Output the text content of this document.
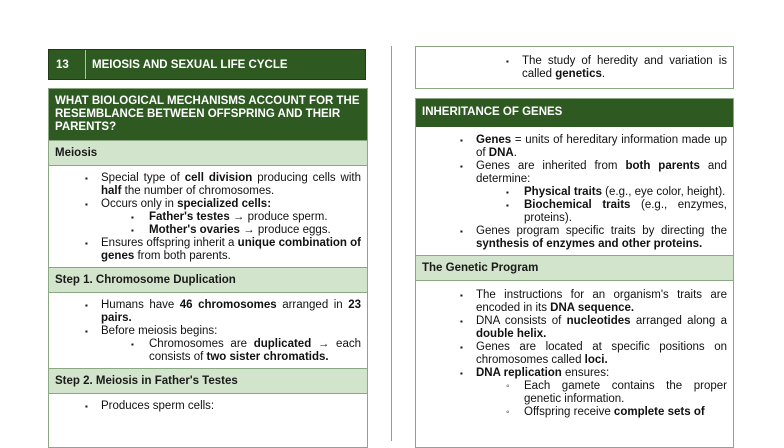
13	MEIOSIS AND SEXUAL LIFE CYCLE
WHAT BIOLOGICAL MECHANISMS ACCOUNT FOR THE RESEMBLANCE BETWEEN OFFSPRING AND THEIR PARENTS?
Meiosis
▪ Special type of cell division producing cells with half the number of chromosomes.
▪ Occurs only in specialized cells:
▪ Father's testes → produce sperm.
▪ Mother's ovaries → produce eggs.
▪ Ensures offspring inherit a unique combination of genes from both parents.
Step 1. Chromosome Duplication
▪ Humans have 46 chromosomes arranged in 23 pairs.
▪ Before meiosis begins:
▪ Chromosomes are duplicated → each consists of two sister chromatids.
Step 2. Meiosis in Father's Testes
▪ Produces sperm cells:
▪ The study of heredity and variation is called genetics.
INHERITANCE OF GENES
▪ Genes = units of hereditary information made up of DNA.
▪ Genes are inherited from both parents and determine:
▪ Physical traits (e.g., eye color, height).
▪ Biochemical traits (e.g., enzymes, proteins).
▪ Genes program specific traits by directing the synthesis of enzymes and other proteins.
The Genetic Program
▪ The instructions for an organism's traits are encoded in its DNA sequence.
▪ DNA consists of nucleotides arranged along a double helix.
▪ Genes are located at specific positions on chromosomes called loci.
▪ DNA replication ensures:
◦ Each gamete contains the proper genetic information.
◦ Offspring receive complete sets of
